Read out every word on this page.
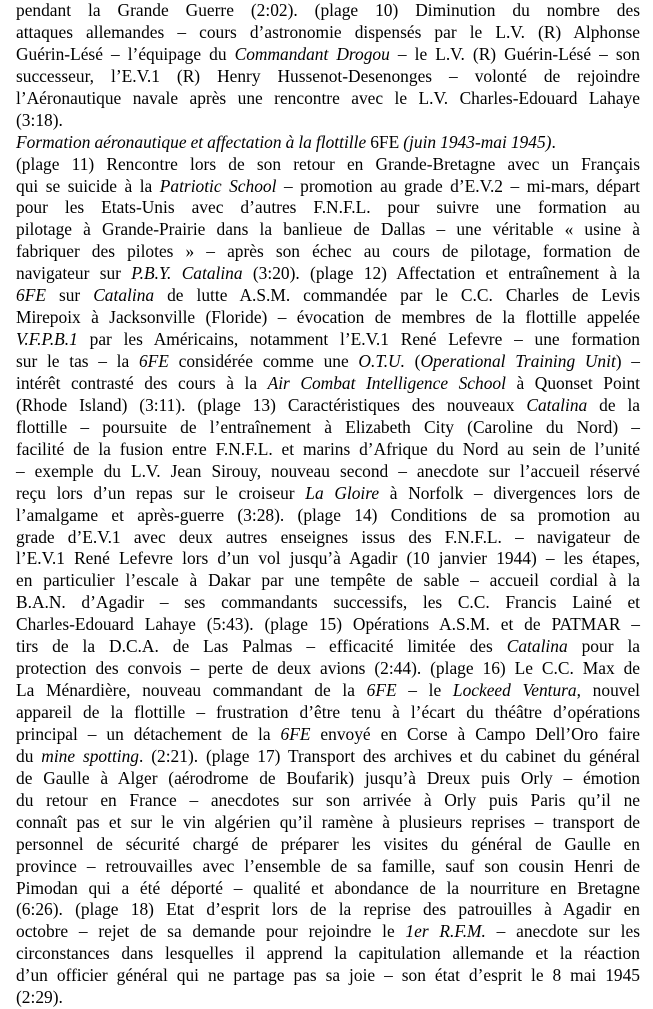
pendant la Grande Guerre (2:02). (plage 10) Diminution du nombre des
attaques allemandes – cours d’astronomie dispensés par le L.V. (R) Alphonse
Guérin-Lésé – l’équipage du Commandant Drogou – le L.V. (R) Guérin-Lésé – son
successeur, l’E.V.1 (R) Henry Hussenot-Desenonges – volonté de rejoindre
l’Aéronautique navale après une rencontre avec le L.V. Charles-Edouard Lahaye
(3:18).
Formation aéronautique et affectation à la flottille 6FE (juin 1943-mai 1945).
(plage 11) Rencontre lors de son retour en Grande-Bretagne avec un Français
qui se suicide à la Patriotic School – promotion au grade d’E.V.2 – mi-mars, départ
pour les Etats-Unis avec d’autres F.N.F.L. pour suivre une formation au
pilotage à Grande-Prairie dans la banlieue de Dallas – une véritable « usine à
fabriquer des pilotes » – après son échec au cours de pilotage, formation de
navigateur sur P.B.Y. Catalina (3:20). (plage 12) Affectation et entraînement à la
6FE sur Catalina de lutte A.S.M. commandée par le C.C. Charles de Levis
Mirepoix à Jacksonville (Floride) – évocation de membres de la flottille appelée
V.F.P.B.1 par les Américains, notamment l’E.V.1 René Lefevre – une formation
sur le tas – la 6FE considérée comme une O.T.U. (Operational Training Unit) –
intérêt contrasté des cours à la Air Combat Intelligence School à Quonset Point
(Rhode Island) (3:11). (plage 13) Caractéristiques des nouveaux Catalina de la
flottille – poursuite de l’entraînement à Elizabeth City (Caroline du Nord) –
facilité de la fusion entre F.N.F.L. et marins d’Afrique du Nord au sein de l’unité
– exemple du L.V. Jean Sirouy, nouveau second – anecdote sur l’accueil réservé
reçu lors d’un repas sur le croiseur La Gloire à Norfolk – divergences lors de
l’amalgame et après-guerre (3:28). (plage 14) Conditions de sa promotion au
grade d’E.V.1 avec deux autres enseignes issus des F.N.F.L. – navigateur de
l’E.V.1 René Lefevre lors d’un vol jusqu’à Agadir (10 janvier 1944) – les étapes,
en particulier l’escale à Dakar par une tempête de sable – accueil cordial à la
B.A.N. d’Agadir – ses commandants successifs, les C.C. Francis Lainé et
Charles-Edouard Lahaye (5:43). (plage 15) Opérations A.S.M. et de PATMAR –
tirs de la D.C.A. de Las Palmas – efficacité limitée des Catalina pour la
protection des convois – perte de deux avions (2:44). (plage 16) Le C.C. Max de
La Ménardière, nouveau commandant de la 6FE – le Lockeed Ventura, nouvel
appareil de la flottille – frustration d’être tenu à l’écart du théâtre d’opérations
principal – un détachement de la 6FE envoyé en Corse à Campo Dell’Oro faire
du mine spotting. (2:21). (plage 17) Transport des archives et du cabinet du général
de Gaulle à Alger (aérodrome de Boufarik) jusqu’à Dreux puis Orly – émotion
du retour en France – anecdotes sur son arrivée à Orly puis Paris qu’il ne
connaît pas et sur le vin algérien qu’il ramène à plusieurs reprises – transport de
personnel de sécurité chargé de préparer les visites du général de Gaulle en
province – retrouvailles avec l’ensemble de sa famille, sauf son cousin Henri de
Pimodan qui a été déporté – qualité et abondance de la nourriture en Bretagne
(6:26). (plage 18) Etat d’esprit lors de la reprise des patrouilles à Agadir en
octobre – rejet de sa demande pour rejoindre le 1er R.F.M. – anecdote sur les
circonstances dans lesquelles il apprend la capitulation allemande et la réaction
d’un officier général qui ne partage pas sa joie – son état d’esprit le 8 mai 1945
(2:29).
